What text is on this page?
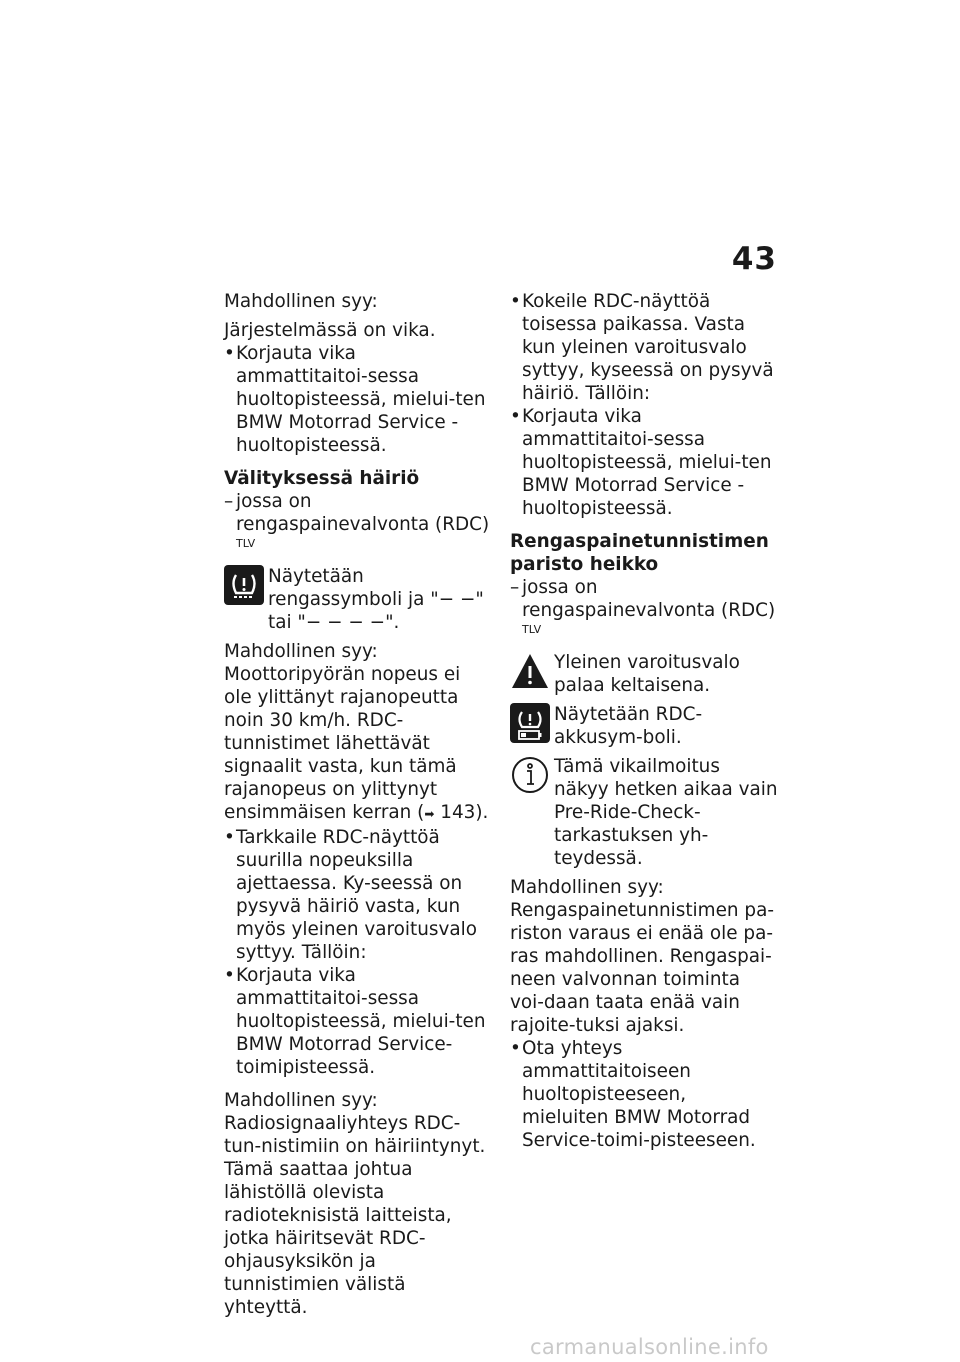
43

Mahdollinen syy:

Järjestelmässä on vika.

• Korjauta vika ammattitaitoi-sessa huoltopisteessä, mielui-ten BMW Motorrad Service -huoltopisteessä.

Välityksessä häiriö

– jossa on rengaspainevalvonta (RDC) $^{TLV}$
Näytetään rengassymboli ja "− −" tai "− − − −".

Mahdollinen syy:

Moottoripyörän nopeus ei ole ylittänyt rajanopeutta noin 30 km/h. RDC-tunnistimet lähettävät signaalit vasta, kun tämä rajanopeus on ylittynyt ensimmäisen kerran (➡ 143).

• Tarkkaile RDC-näyttöä suurilla nopeuksilla ajettaessa. Ky-seessä on pysyvä häiriö vasta, kun myös yleinen varoitusvalo syttyy. Tällöin:
• Korjauta vika ammattitaitoi-sessa huoltopisteessä, mielui-ten BMW Motorrad Service-toimipisteessä.

Mahdollinen syy:

Radiosignaaliyhteys RDC-tun-nistimiin on häiriintynyt. Tämä saattaa johtua lähistöllä olevista radioteknisistä laitteista, jotka häiritsevät RDC-ohjausyksikön ja tunnistimien välistä yhteyttä.

• Kokeile RDC-näyttöä toisessa paikassa. Vasta kun yleinen varoitusvalo syttyy, kyseessä on pysyvä häiriö. Tällöin:
• Korjauta vika ammattitaitoi-sessa huoltopisteessä, mielui-ten BMW Motorrad Service -huoltopisteessä.

Rengaspainetunnistimen paristo heikko

– jossa on rengaspainevalvonta (RDC) $^{TLV}$
Yleinen varoitusvalo palaa keltaisena.
Näytetään RDC-akkusym-boli.
Tämä vikailmoitus näkyy hetken aikaa vain Pre-Ride-Check-tarkastuksen yh-teydessä.

Mahdollinen syy:

Rengaspainetunnistimen pa-riston varaus ei enää ole pa-ras mahdollinen. Rengaspai-neen valvonnan toiminta voi-daan taata enää vain rajoite-tuksi ajaksi.

• Ota yhteys ammattitaitoiseen huoltopisteeseen, mieluiten BMW Motorrad Service-toimi-pisteeseen.
carmanualsonline.info
